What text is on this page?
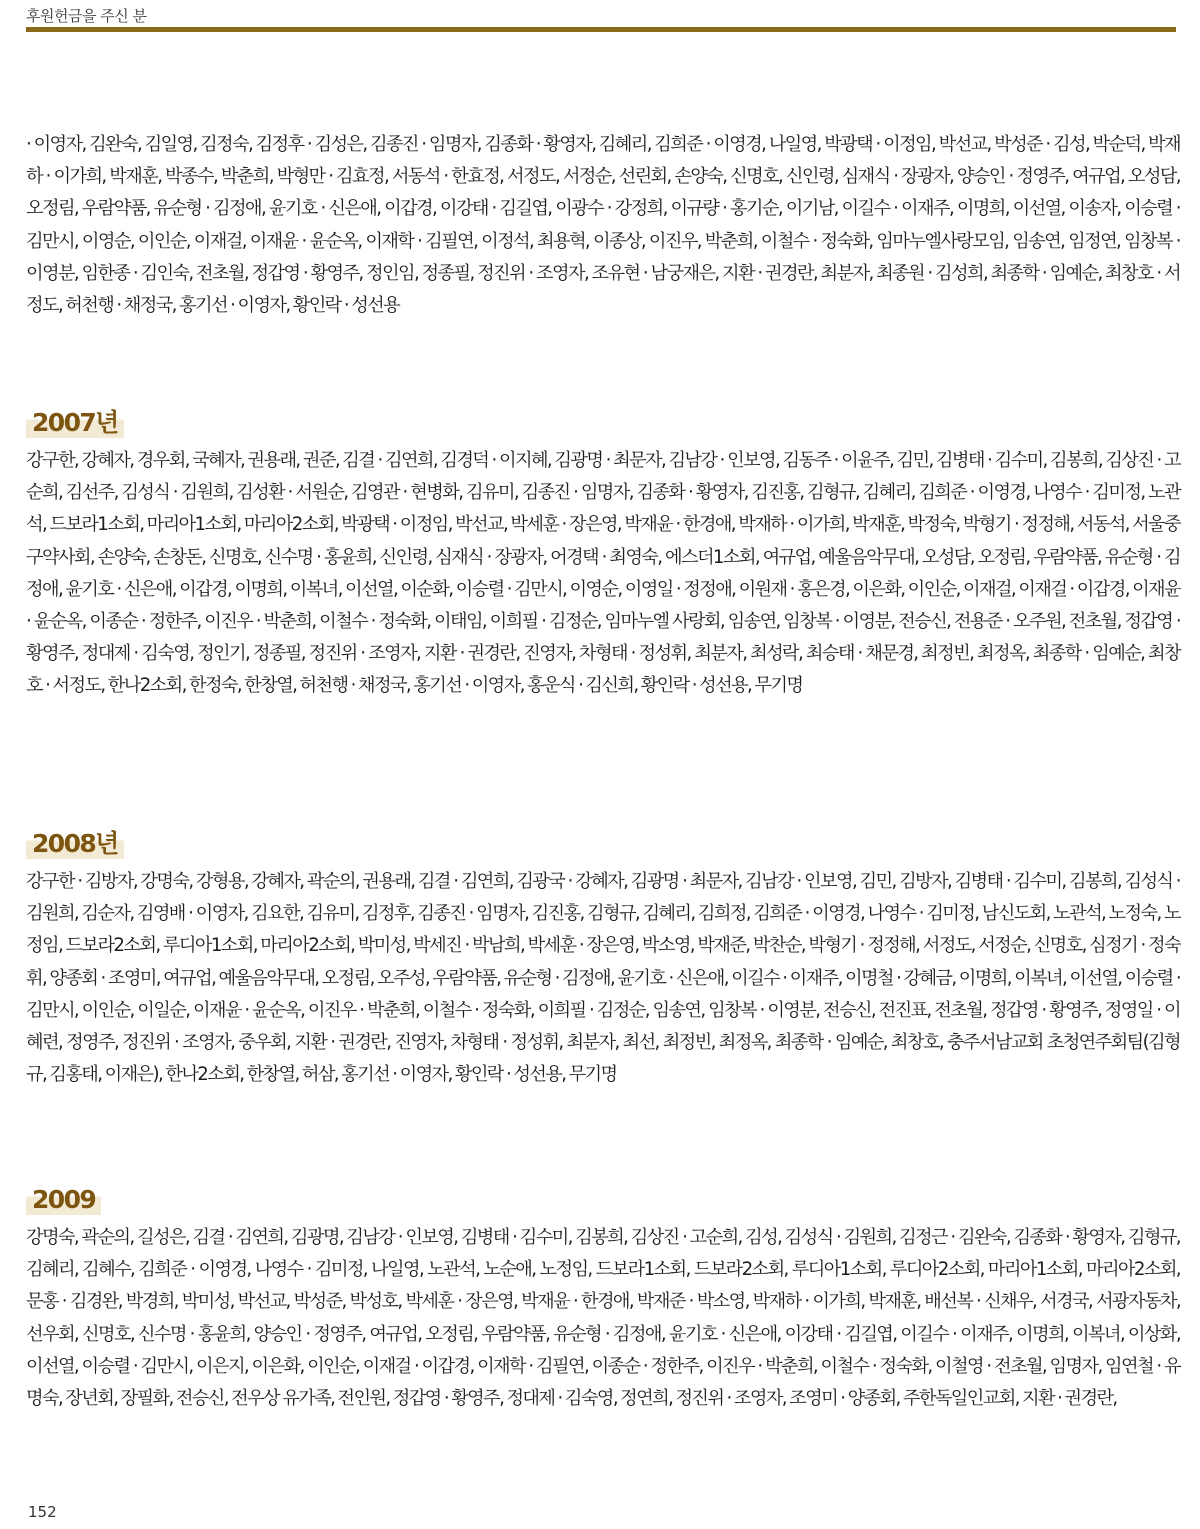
후원헌금을 주신 분

· 이영자, 김완숙, 김일영, 김정숙, 김정후 · 김성은, 김종진 · 임명자, 김종화 · 황영자, 김혜리, 김희준 · 이영경, 나일영, 박광택 · 이정임, 박선교, 박성준 · 김성, 박순덕, 박재하 · 이가희, 박재훈, 박종수, 박춘희, 박형만 · 김효정, 서동석 · 한효정, 서정도, 서정순, 선린회, 손양숙, 신명호, 신인령, 심재식 · 장광자, 양승인 · 정영주, 여규업, 오성담, 오정림, 우람약품, 유순형 · 김정애, 윤기호 · 신은애, 이갑경, 이강태 · 김길엽, 이광수 · 강정희, 이규량 · 홍기순, 이기남, 이길수 · 이재주, 이명희, 이선열, 이송자, 이승렬 · 김만시, 이영순, 이인순, 이재걸, 이재윤 · 윤순옥, 이재학 · 김필연, 이정석, 최용혁, 이종상, 이진우, 박춘희, 이철수 · 정숙화, 임마누엘사랑모임, 임송연, 임정연, 임창복 · 이영분, 임한종 · 김인숙, 전초월, 정갑영 · 황영주, 정인임, 정종필, 정진위 · 조영자, 조유현 · 남궁재은, 지환 · 권경란, 최분자, 최종원 · 김성희, 최종학 · 임예순, 최창호 · 서정도, 허천행 · 채정국, 홍기선 · 이영자, 황인락 · 성선용

2007년

강구한, 강혜자, 경우회, 국혜자, 권용래, 권준, 김결 · 김연희, 김경덕 · 이지혜, 김광명 · 최문자, 김남강 · 인보영, 김동주 · 이윤주, 김민, 김병태 · 김수미, 김봉희, 김상진 · 고순희, 김선주, 김성식 · 김원희, 김성환 · 서원순, 김영관 · 현병화, 김유미, 김종진 · 임명자, 김종화 · 황영자, 김진홍, 김형규, 김혜리, 김희준 · 이영경, 나영수 · 김미정, 노관석, 드보라1소회, 마리아1소회, 마리아2소회, 박광택 · 이정임, 박선교, 박세훈 · 장은영, 박재윤 · 한경애, 박재하 · 이가희, 박재훈, 박정숙, 박형기 · 정정해, 서동석, 서울중구약사회, 손양숙, 손창돈, 신명호, 신수명 · 홍윤희, 신인령, 심재식 · 장광자, 어경택 · 최영숙, 에스더1소회, 여규업, 예울음악무대, 오성담, 오정림, 우람약품, 유순형 · 김정애, 윤기호 · 신은애, 이갑경, 이명희, 이복녀, 이선열, 이순화, 이승렬 · 김만시, 이영순, 이영일 · 정정애, 이원재 · 홍은경, 이은화, 이인순, 이재걸, 이재걸 · 이갑경, 이재윤 · 윤순옥, 이종순 · 정한주, 이진우 · 박춘희, 이철수 · 정숙화, 이태임, 이희필 · 김정순, 임마누엘 사랑회, 임송연, 임창복 · 이영분, 전승신, 전용준 · 오주원, 전초월, 정갑영 · 황영주, 정대제 · 김숙영, 정인기, 정종필, 정진위 · 조영자, 지환 · 권경란, 진영자, 차형태 · 정성휘, 최분자, 최성락, 최승태 · 채문경, 최정빈, 최정옥, 최종학 · 임예순, 최창호 · 서정도, 한나2소회, 한정숙, 한창열, 허천행 · 채정국, 홍기선 · 이영자, 홍운식 · 김신희, 황인락 · 성선용, 무기명

2008년

강구한 · 김방자, 강명숙, 강형용, 강혜자, 곽순의, 권용래, 김결 · 김연희, 김광국 · 강혜자, 김광명 · 최문자, 김남강 · 인보영, 김민, 김방자, 김병태 · 김수미, 김봉희, 김성식 · 김원희, 김순자, 김영배 · 이영자, 김요한, 김유미, 김정후, 김종진 · 임명자, 김진홍, 김형규, 김혜리, 김희정, 김희준 · 이영경, 나영수 · 김미정, 남신도회, 노관석, 노정숙, 노정임, 드보라2소회, 루디아1소회, 마리아2소회, 박미성, 박세진 · 박남희, 박세훈 · 장은영, 박소영, 박재준, 박찬순, 박형기 · 정정해, 서정도, 서정순, 신명호, 심정기 · 정숙휘, 양종회 · 조영미, 여규업, 예울음악무대, 오정림, 오주성, 우람약품, 유순형 · 김정애, 윤기호 · 신은애, 이길수 · 이재주, 이명철 · 강혜금, 이명희, 이복녀, 이선열, 이승렬 · 김만시, 이인순, 이일순, 이재윤 · 윤순옥, 이진우 · 박춘희, 이철수 · 정숙화, 이희필 · 김정순, 임송연, 임창복 · 이영분, 전승신, 전진표, 전초월, 정갑영 · 황영주, 정영일 · 이혜련, 정영주, 정진위 · 조영자, 중우회, 지환 · 권경란, 진영자, 차형태 · 정성휘, 최분자, 최선, 최정빈, 최정옥, 최종학 · 임예순, 최창호, 충주서남교회 초청연주회팀(김형규, 김홍태, 이재은), 한나2소회, 한창열, 허삼, 홍기선 · 이영자, 황인락 · 성선용, 무기명

2009

강명숙, 곽순의, 길성은, 김결 · 김연희, 김광명, 김남강 · 인보영, 김병태 · 김수미, 김봉희, 김상진 · 고순희, 김성, 김성식 · 김원희, 김정근 · 김완숙, 김종화 · 황영자, 김형규, 김혜리, 김혜수, 김희준 · 이영경, 나영수 · 김미정, 나일영, 노관석, 노순애, 노정임, 드보라1소회, 드보라2소회, 루디아1소회, 루디아2소회, 마리아1소회, 마리아2소회, 문홍 · 김경완, 박경희, 박미성, 박선교, 박성준, 박성호, 박세훈 · 장은영, 박재윤 · 한경애, 박재준 · 박소영, 박재하 · 이가희, 박재훈, 배선복 · 신채우, 서경국, 서광자동차, 선우회, 신명호, 신수명 · 홍윤희, 양승인 · 정영주, 여규업, 오정림, 우람약품, 유순형 · 김정애, 윤기호 · 신은애, 이강태 · 김길엽, 이길수 · 이재주, 이명희, 이복녀, 이상화, 이선열, 이승렬 · 김만시, 이은지, 이은화, 이인순, 이재걸 · 이갑경, 이재학 · 김필연, 이종순 · 정한주, 이진우 · 박춘희, 이철수 · 정숙화, 이철영 · 전초월, 임명자, 임연철 · 유명숙, 장년회, 장필화, 전승신, 전우상 유가족, 전인원, 정갑영 · 황영주, 정대제 · 김숙영, 정연희, 정진위 · 조영자, 조영미 · 양종회, 주한독일인교회, 지환 · 권경란,

152
